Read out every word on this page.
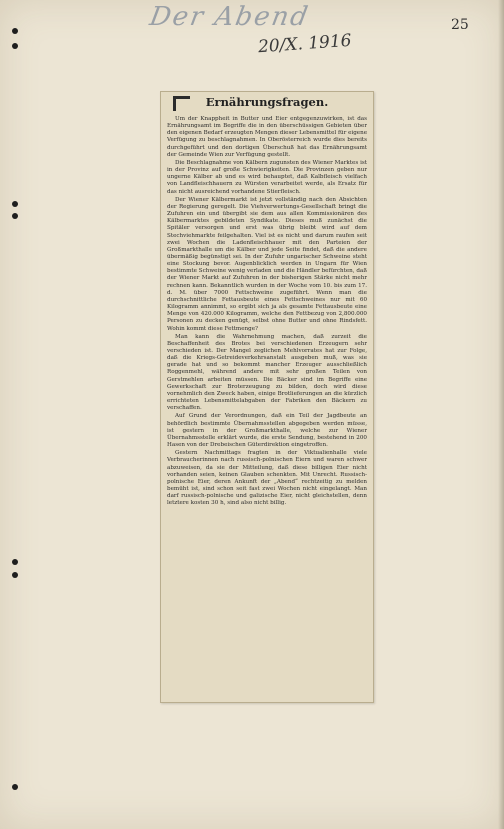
Der Abend
20/X. 1916
25
Ernährungsfragen.

Um der Knappheit in Butter und Eier entgegenzuwirken, ist das Ernährungsamt im Begriffe die in den überschüssigen Gebieten über den eigenen Bedarf erzeugten Mengen dieser Lebensmittel für eigene Verfügung zu beschlagnahmen. In Oberösterreich wurde dies bereits durchgeführt und den dortigen Überschuß hat das Ernährungsamt der Gemeinde Wien zur Verfügung gestellt.

Die Beschlagnahme von Kälbern zugunsten des Wiener Marktes ist in der Provinz auf große Schwierigkeiten. Die Provinzen geben nur ungerne Kälber ab und es wird behauptet, daß Kalbfleisch vielfach von Landfleischhauern zu Würsten verarbeitet werde, als Ersatz für das nicht ausreichend vorhandene Stierfleisch.

Der Wiener Kälbermarkt ist jetzt vollständig nach den Absichten der Regierung geregelt. Die Viehverwertungs-Gesellschaft bringt die Zufuhren ein und übergibt sie dem aus allen Kommissionären des Kälbermarktes gebildeten Syndikate. Dieses muß zunächst die Spitäler versorgen und erst was übrig bleibt wird auf dem Stechviehmarkte feilgehalten. Viel ist es nicht und darum raufen seit zwei Wochen die Ladenfleischhauer mit den Parteien der Großmarkthalle um die Kälber und jede Seite findet, daß die andere übermäßig begünstigt sei. In der Zufuhr ungarischer Schweine steht eine Stockung bevor. Augenblicklich werden in Ungarn für Wien bestimmte Schweine wenig verladen und die Händler befürchten, daß der Wiener Markt auf Zufuhren in der bisherigen Stärke nicht mehr rechnen kann. Bekanntlich wurden in der Woche vom 10. bis zum 17. d. M. über 7000 Fettschweine zugeführt. Wenn man die durchschnittliche Fettausbeute eines Fettschweines nur mit 60 Kilogramm annimmt, so ergibt sich ja als gesamte Fettausbeute eine Menge von 420.000 Kilogramm, welche den Fettbezug von 2,800.000 Personen zu decken genügt, selbst ohne Butter und ohne Rindsfett. Wohin kommt diese Fettmenge?

Man kann die Wahrnehmung machen, daß zurzeit die Beschaffenheit des Brotes bei verschiedenen Erzeugern sehr verschieden ist. Der Mangel zeglichen Mehlvorrates hat zur Folge, daß die Kriegs-Getreideverkehrsanstalt ausgeben muß, was sie gerade hat und so bekommt mancher Erzeuger ausschließlich Roggenmehl, während andere mit sehr großen Teilen von Gerstmehlen arbeiten müssen. Die Bäcker sind im Begriffe eine Gewerkschaft zur Broterzeugung zu bilden, doch wird diese vornehmlich den Zweck haben, einige Brotlieferungen an die kürzlich errichteten Lebensmittelabgaben der Fabriken den Bäckern zu verschaffen.

Auf Grund der Verordnungen, daß ein Teil der Jagdbeute an behördlich bestimmte Übernahmsstellen abgegeben werden müsse, ist gestern in der Großmarkthalle, welche zur Wiener Übernahmsstelle erklärt wurde, die erste Sendung, bestehend in 200 Hasen von der Drebeischen Güterdirektion eingetroffen.

Gestern Nachmittags fragten in der Viktualienhalle viele Verbraucherinnen nach russisch-polnischen Eiern und waren schwer abzuweisen, da sie der Mitteilung, daß diese billigen Eier nicht vorhanden seien, keinen Glauben schenkten. Mit Unrecht. Russisch-polnische Eier, deren Ankunft der „Abend“ rechtzeitig zu melden bemüht ist, sind schon seit fast zwei Wochen nicht eingelangt. Man darf russisch-polnische und galizische Eier, nicht gleichstellen, denn letztere kosten 30 h, sind also nicht billig.
